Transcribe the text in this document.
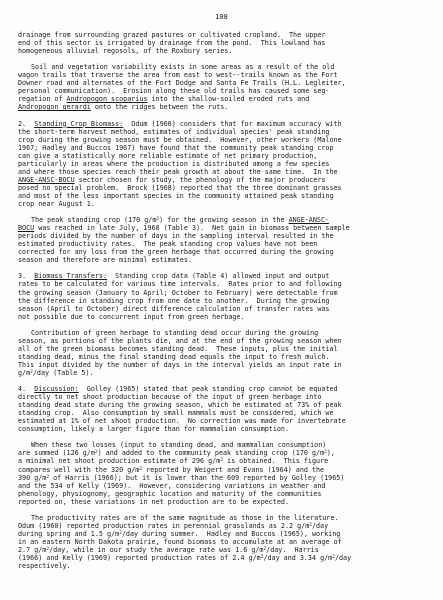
108
drainage from surrounding grazed pastures or cultivated cropland.  The upper
end of this sector is irrigated by drainage from the pond.  This lowland has
homogeneous alluvial regosols, of the Roxbury series.
Soil and vegetation variability exists in some areas as a result of the old
wagon trails that traverse the area from east to west--trails known as the Fort
Downer road and alternates of the Fort Dodge and Santa Fe Trails (H.L. Legleiter,
personal communication).  Erosion along these old trails has caused some seg-
regation of Andropogon scoparius into the shallow-soiled eroded ruts and
Andropogon gerardi onto the ridges between the ruts.
2.  Standing Crop Biomass: Odum (1960) considers that for maximum accuracy with
the short-term harvest method, estimates of individual species' peak standing
crop during the growing season must be obtained.  However, other workers (Malone
1967; Hadley and Buccos 1967) have found that the community peak standing crop
can give a statistically more reliable estimate of net primary production,
particularly in areas where the production is distributed among a few species
and where those species reach their peak growth at about the same time.  In the
ANGE-ANSC-BOCU sector chosen for study, the phenology of the major producers
posed no special problem.  Brock (1968) reported that the three dominant grasses
and most of the less important species in the community attained peak standing
crop near August 1.
The peak standing crop (170 $g/m^2$) for the growing season in the ANGE-ANSC-
BOCU was reached in late July, 1968 (Table 3).  Net gain in biomass between sample
periods divided by the number of days in the sampling interval resulted in the
estimated productivity rates.  The peak standing crop values have not been
corrected for any loss from the green herbage that occurred during the growing
season and therefore are minimal estimates.
3.  Biomass Transfers: Standing crop data (Table 4) allowed input and output
rates to be calculated for various time intervals.  Rates prior to and following
the growing season (January to April; October to February) were detectable from
the difference in standing crop from one date to another.  During the growing
season (April to October) direct difference calculation of transfer rates was
not possible due to concurrent input from green herbage.
Contribution of green herbage to standing dead occur during the growing
season, as portions of the plants die, and at the end of the growing season when
all of the green biomass becomes standing dead.  These inputs, plus the initial
standing dead, minus the final standing dead equals the input to fresh mulch.
This input divided by the number of days in the interval yields an input rate in
$g/m^2$/day (Table 5).
4.  Discussion: Golley (1965) stated that peak standing crop cannot be equated
directly to net shoot production because of the input of green herbage into
standing dead state during the growing season, which he estimated at 73% of peak
standing crop.  Also consumption by small mammals must be considered, which we
estimated at 1% of net shoot production.  No correction was made for invertebrate
consumption, likely a larger figure than for mammalian consumption.
When these two losses (input to standing dead, and mammalian consumption)
are summed (126 $g/m^2$) and added to the community peak standing crop (170 $g/m^2$),
a minimal net shoot production estimate of 296 $g/m^2$ is obtained.  This figure
compares well with the 320 $g/m^2$ reported by Weigert and Evans (1964) and the
390 $g/m^2$ of Harris (1966); but it is lower than the 609 reported by Golley (1965)
and the 534 of Kelly (1969).  However, considering variations in weather and
phenology, physiognomy, geographic location and maturity of the communities
reported on, these variations in net production are to be expected.
The productivity rates are of the same magnitude as those in the literature.
Odum (1960) reported production rates in perennial grasslands as 2.2 $g/m^2$/day
during spring and 1.5 $g/m^2$/day during summer.  Hadley and Buccos (1965), working
in an eastern North Dakota prairie, found biomass to accumulate at an average of
2.7 $g/m^2$/day, while in our study the average rate was 1.6 $g/m^2$/day.  Harris
(1966) and Kelly (1969) reported production rates of 2.4 $g/m^2$/day and 3.34 $g/m^2$/day
respectively.
